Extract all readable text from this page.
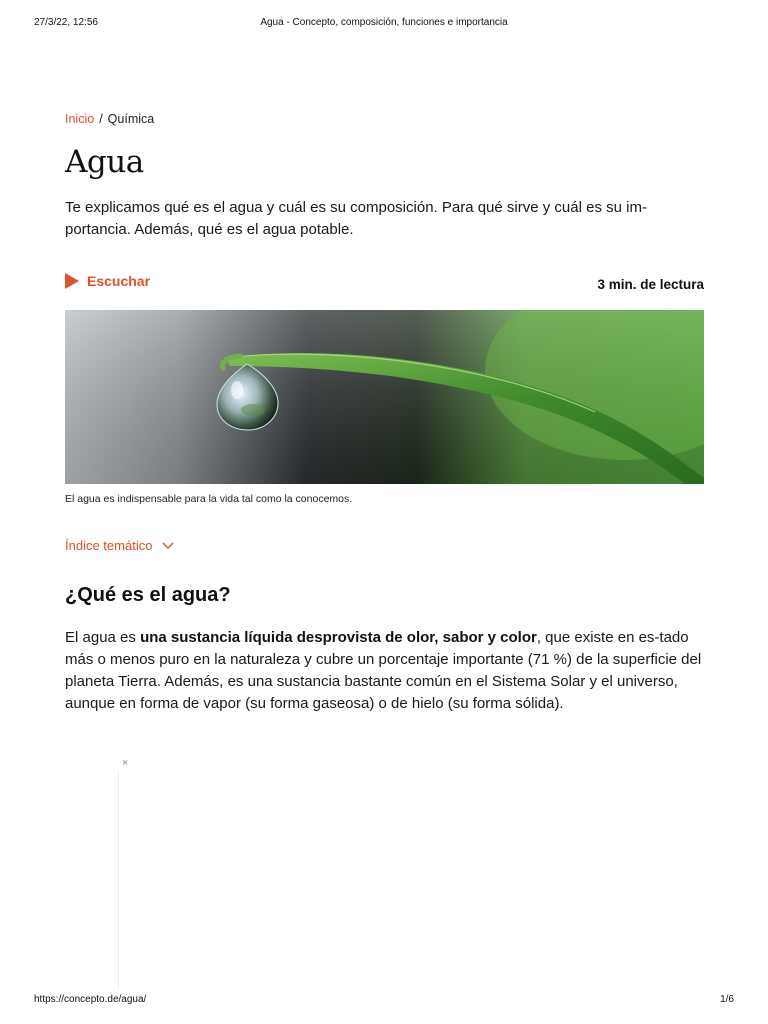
27/3/22, 12:56	Agua - Concepto, composición, funciones e importancia
Inicio / Química
Agua

Te explicamos qué es el agua y cuál es su composición. Para qué sirve y cuál es su im-portancia. Además, qué es el agua potable.

Escuchar	3 min. de lectura
El agua es indispensable para la vida tal como la conocemos.
Índice temático
¿Qué es el agua?

El agua es una sustancia líquida desprovista de olor, sabor y color, que existe en es-tado más o menos puro en la naturaleza y cubre un porcentaje importante (71 %) de la superficie del planeta Tierra. Además, es una sustancia bastante común en el Sistema Solar y el universo, aunque en forma de vapor (su forma gaseosa) o de hielo (su forma sólida).

×
https://concepto.de/agua/	1/6
